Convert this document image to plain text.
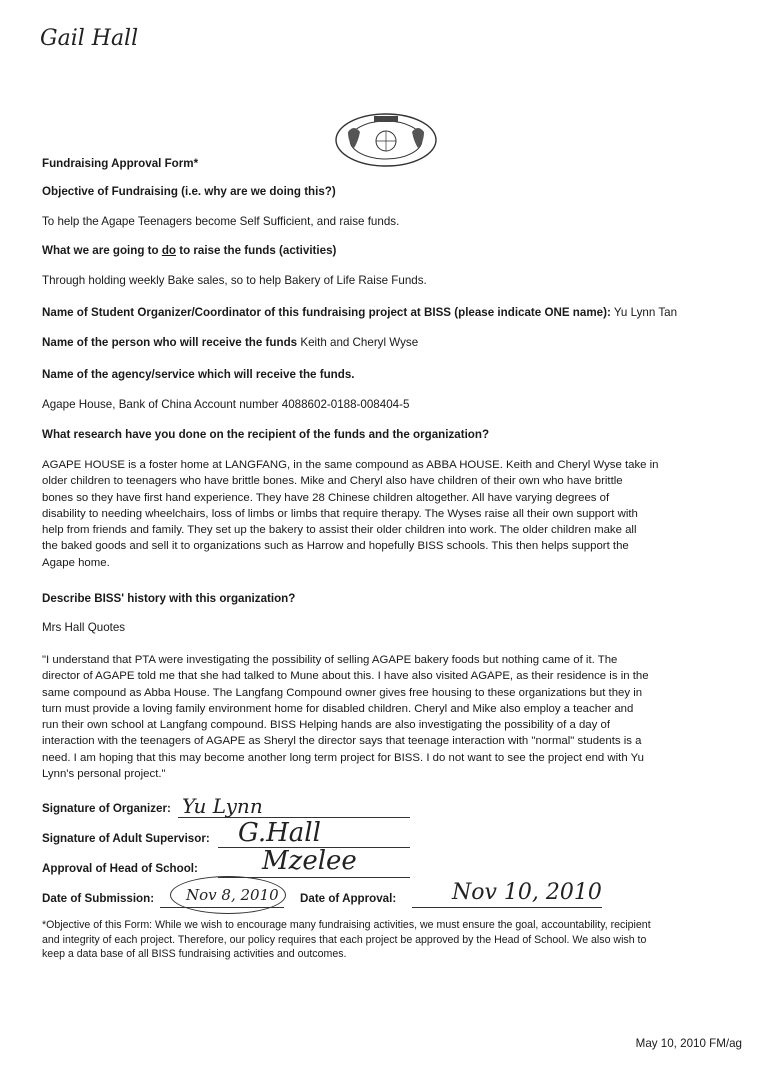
Gail Hall
Fundraising Approval Form*
Objective of Fundraising (i.e. why are we doing this?)
To help the Agape Teenagers become Self Sufficient, and raise funds.
What we are going to do to raise the funds (activities)
Through holding weekly Bake sales, so to help Bakery of Life Raise Funds.
Name of Student Organizer/Coordinator of this fundraising project at BISS (please indicate ONE name): Yu Lynn Tan
Name of the person who will receive the funds Keith and Cheryl Wyse
Name of the agency/service which will receive the funds.
Agape House, Bank of China Account number 4088602-0188-008404-5
What research have you done on the recipient of the funds and the organization?
AGAPE HOUSE is a foster home at LANGFANG, in the same compound as ABBA HOUSE. Keith and Cheryl Wyse take in
older children to teenagers who have brittle bones. Mike and Cheryl also have children of their own who have brittle
bones so they have first hand experience. They have 28 Chinese children altogether. All have varying degrees of
disability to needing wheelchairs, loss of limbs or limbs that require therapy. The Wyses raise all their own support with
help from friends and family. They set up the bakery to assist their older children into work. The older children make all
the baked goods and sell it to organizations such as Harrow and hopefully BISS schools. This then helps support the
Agape home.
Describe BISS' history with this organization?
Mrs Hall Quotes
"I understand that PTA were investigating the possibility of selling AGAPE bakery foods but nothing came of it. The
director of AGAPE told me that she had talked to Mune about this. I have also visited AGAPE, as their residence is in the
same compound as Abba House. The Langfang Compound owner gives free housing to these organizations but they in
turn must provide a loving family environment home for disabled children. Cheryl and Mike also employ a teacher and
run their own school at Langfang compound. BISS Helping hands are also investigating the possibility of a day of
interaction with the teenagers of AGAPE as Sheryl the director says that teenage interaction with "normal" students is a
need. I am hoping that this may become another long term project for BISS. I do not want to see the project end with Yu
Lynn's personal project."
Signature of Organizer: Yu Lynn
Signature of Adult Supervisor: G.Hall
Approval of Head of School: Mzelee
Date of Submission: Nov 8, 2010 Date of Approval:	Nov 10, 2010
*Objective of this Form: While we wish to encourage many fundraising activities, we must ensure the goal, accountability, recipient
and integrity of each project. Therefore, our policy requires that each project be approved by the Head of School. We also wish to
keep a data base of all BISS fundraising activities and outcomes.
May 10, 2010 FM/ag
